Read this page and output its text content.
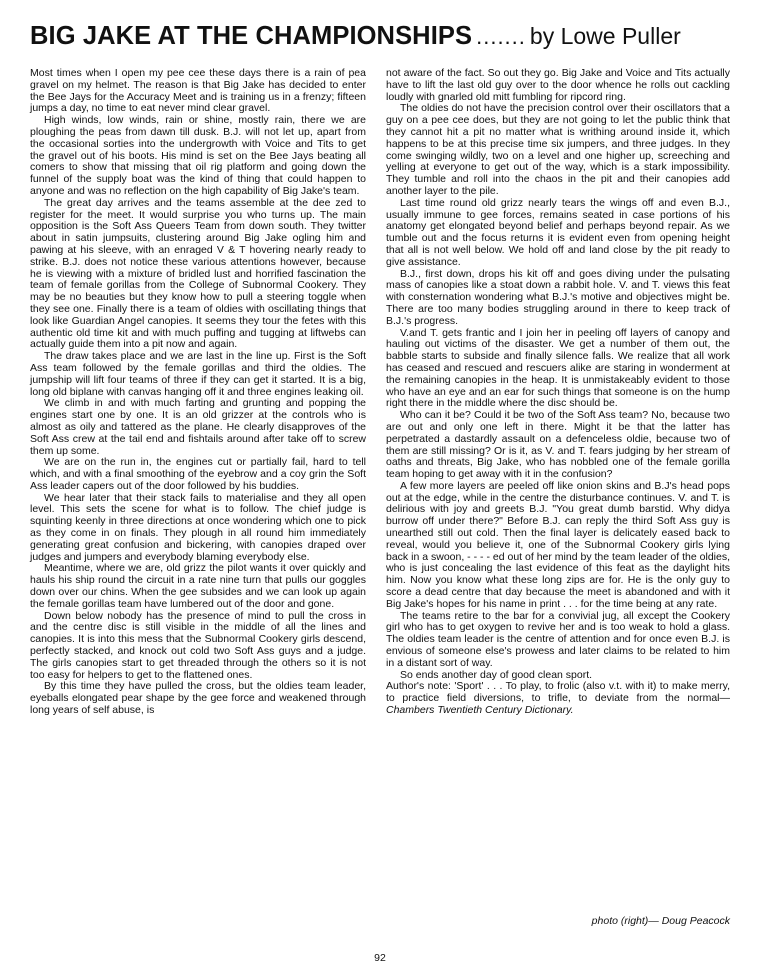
BIG JAKE AT THE CHAMPIONSHIPS ....... by Lowe Puller

Most times when I open my pee cee these days there is a rain of pea gravel on my helmet. The reason is that Big Jake has decided to enter the Bee Jays for the Accuracy Meet and is training us in a frenzy; fifteen jumps a day, no time to eat never mind clear gravel.

High winds, low winds, rain or shine, mostly rain, there we are ploughing the peas from dawn till dusk. B.J. will not let up, apart from the occasional sorties into the undergrowth with Voice and Tits to get the gravel out of his boots. His mind is set on the Bee Jays beating all comers to show that missing that oil rig platform and going down the funnel of the supply boat was the kind of thing that could happen to anyone and was no reflection on the high capability of Big Jake's team.

The great day arrives and the teams assemble at the dee zed to register for the meet. It would surprise you who turns up. The main opposition is the Soft Ass Queers Team from down south. They twitter about in satin jumpsuits, clustering around Big Jake ogling him and pawing at his sleeve, with an enraged V & T hovering nearly ready to strike. B.J. does not notice these various attentions however, because he is viewing with a mixture of bridled lust and horrified fascination the team of female gorillas from the College of Subnormal Cookery. They may be no beauties but they know how to pull a steering toggle when they see one. Finally there is a team of oldies with oscillating things that look like Guardian Angel canopies. It seems they tour the fetes with this authentic old time kit and with much puffing and tugging at liftwebs can actually guide them into a pit now and again.

The draw takes place and we are last in the line up. First is the Soft Ass team followed by the female gorillas and third the oldies. The jumpship will lift four teams of three if they can get it started. It is a big, long old biplane with canvas hanging off it and three engines leaking oil.

We climb in and with much farting and grunting and popping the engines start one by one. It is an old grizzer at the controls who is almost as oily and tattered as the plane. He clearly disapproves of the Soft Ass crew at the tail end and fishtails around after take off to screw them up some.

We are on the run in, the engines cut or partially fail, hard to tell which, and with a final smoothing of the eyebrow and a coy grin the Soft Ass leader capers out of the door followed by his buddies.

We hear later that their stack fails to materialise and they all open level. This sets the scene for what is to follow. The chief judge is squinting keenly in three directions at once wondering which one to pick as they come in on finals. They plough in all round him immediately generating great confusion and bickering, with canopies draped over judges and jumpers and everybody blaming everybody else.

Meantime, where we are, old grizz the pilot wants it over quickly and hauls his ship round the circuit in a rate nine turn that pulls our goggles down over our chins. When the gee subsides and we can look up again the female gorillas team have lumbered out of the door and gone.

Down below nobody has the presence of mind to pull the cross in and the centre disc is still visible in the middle of all the lines and canopies. It is into this mess that the Subnormal Cookery girls descend, perfectly stacked, and knock out cold two Soft Ass guys and a judge. The girls canopies start to get threaded through the others so it is not too easy for helpers to get to the flattened ones.

By this time they have pulled the cross, but the oldies team leader, eyeballs elongated pear shape by the gee force and weakened through long years of self abuse, is

not aware of the fact. So out they go. Big Jake and Voice and Tits actually have to lift the last old guy over to the door whence he rolls out cackling loudly with gnarled old mitt fumbling for ripcord ring.

The oldies do not have the precision control over their oscillators that a guy on a pee cee does, but they are not going to let the public think that they cannot hit a pit no matter what is writhing around inside it, which happens to be at this precise time six jumpers, and three judges. In they come swinging wildly, two on a level and one higher up, screeching and yelling at everyone to get out of the way, which is a stark impossibility. They tumble and roll into the chaos in the pit and their canopies add another layer to the pile.

Last time round old grizz nearly tears the wings off and even B.J., usually immune to gee forces, remains seated in case portions of his anatomy get elongated beyond belief and perhaps beyond repair. As we tumble out and the focus returns it is evident even from opening height that all is not well below. We hold off and land close by the pit ready to give assistance.

B.J., first down, drops his kit off and goes diving under the pulsating mass of canopies like a stoat down a rabbit hole. V. and T. views this feat with consternation wondering what B.J.'s motive and objectives might be. There are too many bodies struggling around in there to keep track of B.J.'s progress.

V.and T. gets frantic and I join her in peeling off layers of canopy and hauling out victims of the disaster. We get a number of them out, the babble starts to subside and finally silence falls. We realize that all work has ceased and rescued and rescuers alike are staring in wonderment at the remaining canopies in the heap. It is unmistakeably evident to those who have an eye and an ear for such things that someone is on the hump right there in the middle where the disc should be.

Who can it be? Could it be two of the Soft Ass team? No, because two are out and only one left in there. Might it be that the latter has perpetrated a dastardly assault on a defenceless oldie, because two of them are still missing? Or is it, as V. and T. fears judging by her stream of oaths and threats, Big Jake, who has nobbled one of the female gorilla team hoping to get away with it in the confusion?

A few more layers are peeled off like onion skins and B.J's head pops out at the edge, while in the centre the disturbance continues. V. and T. is delirious with joy and greets B.J. "You great dumb barstid. Why didya burrow off under there?" Before B.J. can reply the third Soft Ass guy is unearthed still out cold. Then the final layer is delicately eased back to reveal, would you believe it, one of the Subnormal Cookery girls lying back in a swoon, - - - - ed out of her mind by the team leader of the oldies, who is just concealing the last evidence of this feat as the daylight hits him. Now you know what these long zips are for. He is the only guy to score a dead centre that day because the meet is abandoned and with it Big Jake's hopes for his name in print . . . for the time being at any rate.

The teams retire to the bar for a convivial jug, all except the Cookery girl who has to get oxygen to revive her and is too weak to hold a glass. The oldies team leader is the centre of attention and for once even B.J. is envious of someone else's prowess and later claims to be related to him in a distant sort of way.

So ends another day of good clean sport.

Author's note: 'Sport' . . . To play, to frolic (also v.t. with it) to make merry, to practice field diversions, to trifle, to deviate from the normal—Chambers Twentieth Century Dictionary.

photo (right)— Doug Peacock
92
